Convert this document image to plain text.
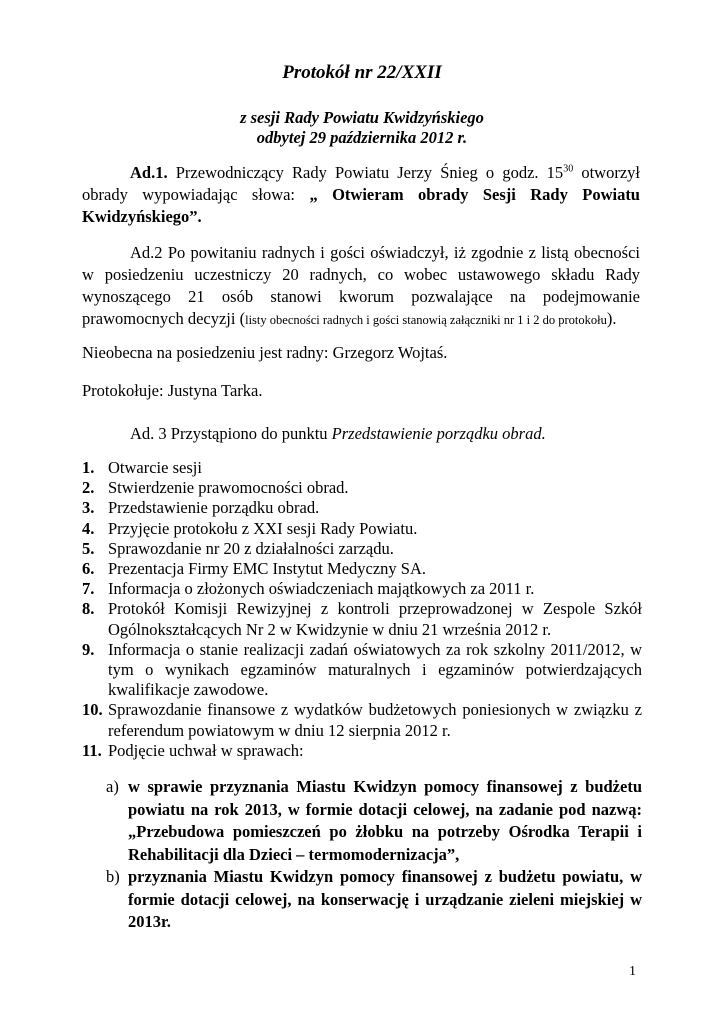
Protokół nr 22/XXII
z sesji Rady Powiatu Kwidzyńskiego
odbytej 29 października 2012 r.
Ad.1. Przewodniczący Rady Powiatu Jerzy Śnieg o godz. $15^{30}$ otworzył obrady wypowiadając słowa: „ Otwieram obrady Sesji Rady Powiatu Kwidzyńskiego”.
Ad.2 Po powitaniu radnych i gości oświadczył, iż zgodnie z listą obecności w posiedzeniu uczestniczy 20 radnych, co wobec ustawowego składu Rady wynoszącego 21 osób stanowi kworum pozwalające na podejmowanie prawomocnych decyzji (listy obecności radnych i gości stanowią załączniki nr 1 i 2 do protokołu).
Nieobecna na posiedzeniu jest radny: Grzegorz Wojtaś.
Protokołuje: Justyna Tarka.
Ad. 3 Przystąpiono do punktu Przedstawienie porządku obrad.
1. Otwarcie sesji
2. Stwierdzenie prawomocności obrad.
3. Przedstawienie porządku obrad.
4. Przyjęcie protokołu z XXI sesji Rady Powiatu.
5. Sprawozdanie nr 20 z działalności zarządu.
6. Prezentacja Firmy EMC Instytut Medyczny SA.
7. Informacja o złożonych oświadczeniach majątkowych za 2011 r.
8. Protokół Komisji Rewizyjnej z kontroli przeprowadzonej w Zespole Szkół Ogólnokształcących Nr 2 w Kwidzynie w dniu 21 września 2012 r.
9. Informacja o stanie realizacji zadań oświatowych za rok szkolny 2011/2012, w tym o wynikach egzaminów maturalnych i egzaminów potwierdzających kwalifikacje zawodowe.
10. Sprawozdanie finansowe z wydatków budżetowych poniesionych w związku z referendum powiatowym w dniu 12 sierpnia 2012 r.
11. Podjęcie uchwał w sprawach:
a) w sprawie przyznania Miastu Kwidzyn pomocy finansowej z budżetu powiatu na rok 2013, w formie dotacji celowej, na zadanie pod nazwą: „Przebudowa pomieszczeń po żłobku na potrzeby Ośrodka Terapii i Rehabilitacji dla Dzieci – termomodernizacja”,
b) przyznania Miastu Kwidzyn pomocy finansowej z budżetu powiatu, w formie dotacji celowej, na konserwację i urządzanie zieleni miejskiej w 2013r.
1
